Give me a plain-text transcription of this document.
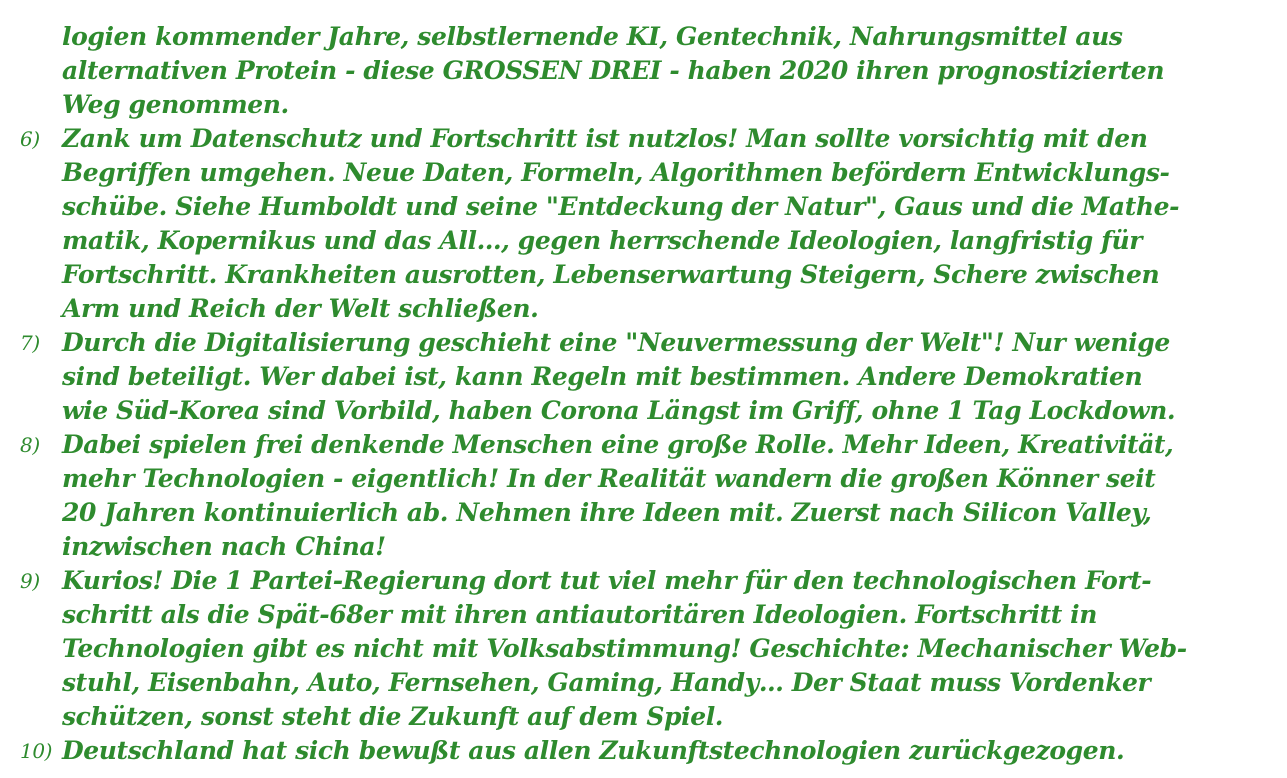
logien kommender Jahre, selbstlernende KI, Gentechnik, Nahrungsmittel aus
alternativen Protein - diese GROSSEN DREI - haben 2020 ihren prognostizierten
Weg genommen.
6) Zank um Datenschutz und Fortschritt ist nutzlos! Man sollte vorsichtig mit den
Begriffen umgehen. Neue Daten, Formeln, Algorithmen befördern Entwicklungs-
schübe. Siehe Humboldt und seine "Entdeckung der Natur", Gaus und die Mathe-
matik, Kopernikus und das All…, gegen herrschende Ideologien, langfristig für
Fortschritt. Krankheiten ausrotten, Lebenserwartung Steigern, Schere zwischen
Arm und Reich der Welt schließen.
7) Durch die Digitalisierung geschieht eine "Neuvermessung der Welt"! Nur wenige
sind beteiligt. Wer dabei ist, kann Regeln mit bestimmen. Andere Demokratien
wie Süd-Korea sind Vorbild, haben Corona Längst im Griff, ohne 1 Tag Lockdown.
8) Dabei spielen frei denkende Menschen eine große Rolle. Mehr Ideen, Kreativität,
mehr Technologien - eigentlich! In der Realität wandern die großen Könner seit
20 Jahren kontinuierlich ab. Nehmen ihre Ideen mit. Zuerst nach Silicon Valley,
inzwischen nach China!
9) Kurios! Die 1 Partei-Regierung dort tut viel mehr für den technologischen Fort-
schritt als die Spät-68er mit ihren antiautoritären Ideologien. Fortschritt in
Technologien gibt es nicht mit Volksabstimmung! Geschichte: Mechanischer Web-
stuhl, Eisenbahn, Auto, Fernsehen, Gaming, Handy… Der Staat muss Vordenker
schützen, sonst steht die Zukunft auf dem Spiel.
10) Deutschland hat sich bewußt aus allen Zukunftstechnologien zurückgezogen.
